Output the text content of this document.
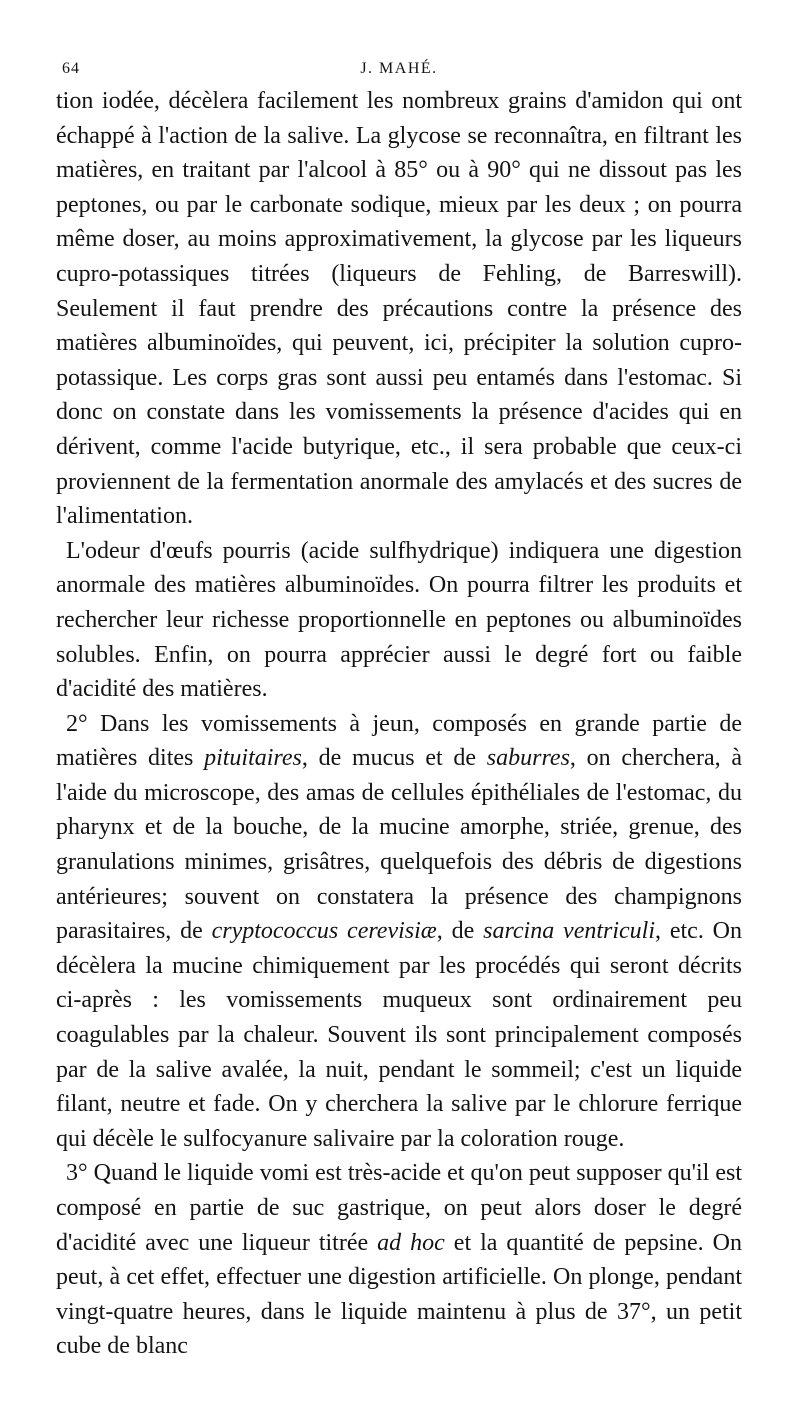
64	J. MAHÉ.

tion iodée, décèlera facilement les nombreux grains d'amidon qui ont échappé à l'action de la salive. La glycose se reconnaîtra, en filtrant les matières, en traitant par l'alcool à 85° ou à 90° qui ne dissout pas les peptones, ou par le carbonate sodique, mieux par les deux ; on pourra même doser, au moins approximativement, la glycose par les liqueurs cupro-potassiques titrées (liqueurs de Fehling, de Barreswill). Seulement il faut prendre des précautions contre la présence des matières albuminoïdes, qui peuvent, ici, précipiter la solution cupro-potassique. Les corps gras sont aussi peu entamés dans l'estomac. Si donc on constate dans les vomissements la présence d'acides qui en dérivent, comme l'acide butyrique, etc., il sera probable que ceux-ci proviennent de la fermentation anormale des amylacés et des sucres de l'alimentation.

L'odeur d'œufs pourris (acide sulfhydrique) indiquera une digestion anormale des matières albuminoïdes. On pourra filtrer les produits et rechercher leur richesse proportionnelle en peptones ou albuminoïdes solubles. Enfin, on pourra apprécier aussi le degré fort ou faible d'acidité des matières.

2° Dans les vomissements à jeun, composés en grande partie de matières dites pituitaires, de mucus et de saburres, on cherchera, à l'aide du microscope, des amas de cellules épithéliales de l'estomac, du pharynx et de la bouche, de la mucine amorphe, striée, grenue, des granulations minimes, grisâtres, quelquefois des débris de digestions antérieures; souvent on constatera la présence des champignons parasitaires, de cryptococcus cerevisiæ, de sarcina ventriculi, etc. On décèlera la mucine chimiquement par les procédés qui seront décrits ci-après : les vomissements muqueux sont ordinairement peu coagulables par la chaleur. Souvent ils sont principalement composés par de la salive avalée, la nuit, pendant le sommeil; c'est un liquide filant, neutre et fade. On y cherchera la salive par le chlorure ferrique qui décèle le sulfocyanure salivaire par la coloration rouge.

3° Quand le liquide vomi est très-acide et qu'on peut supposer qu'il est composé en partie de suc gastrique, on peut alors doser le degré d'acidité avec une liqueur titrée ad hoc et la quantité de pepsine. On peut, à cet effet, effectuer une digestion artificielle. On plonge, pendant vingt-quatre heures, dans le liquide maintenu à plus de 37°, un petit cube de blanc
